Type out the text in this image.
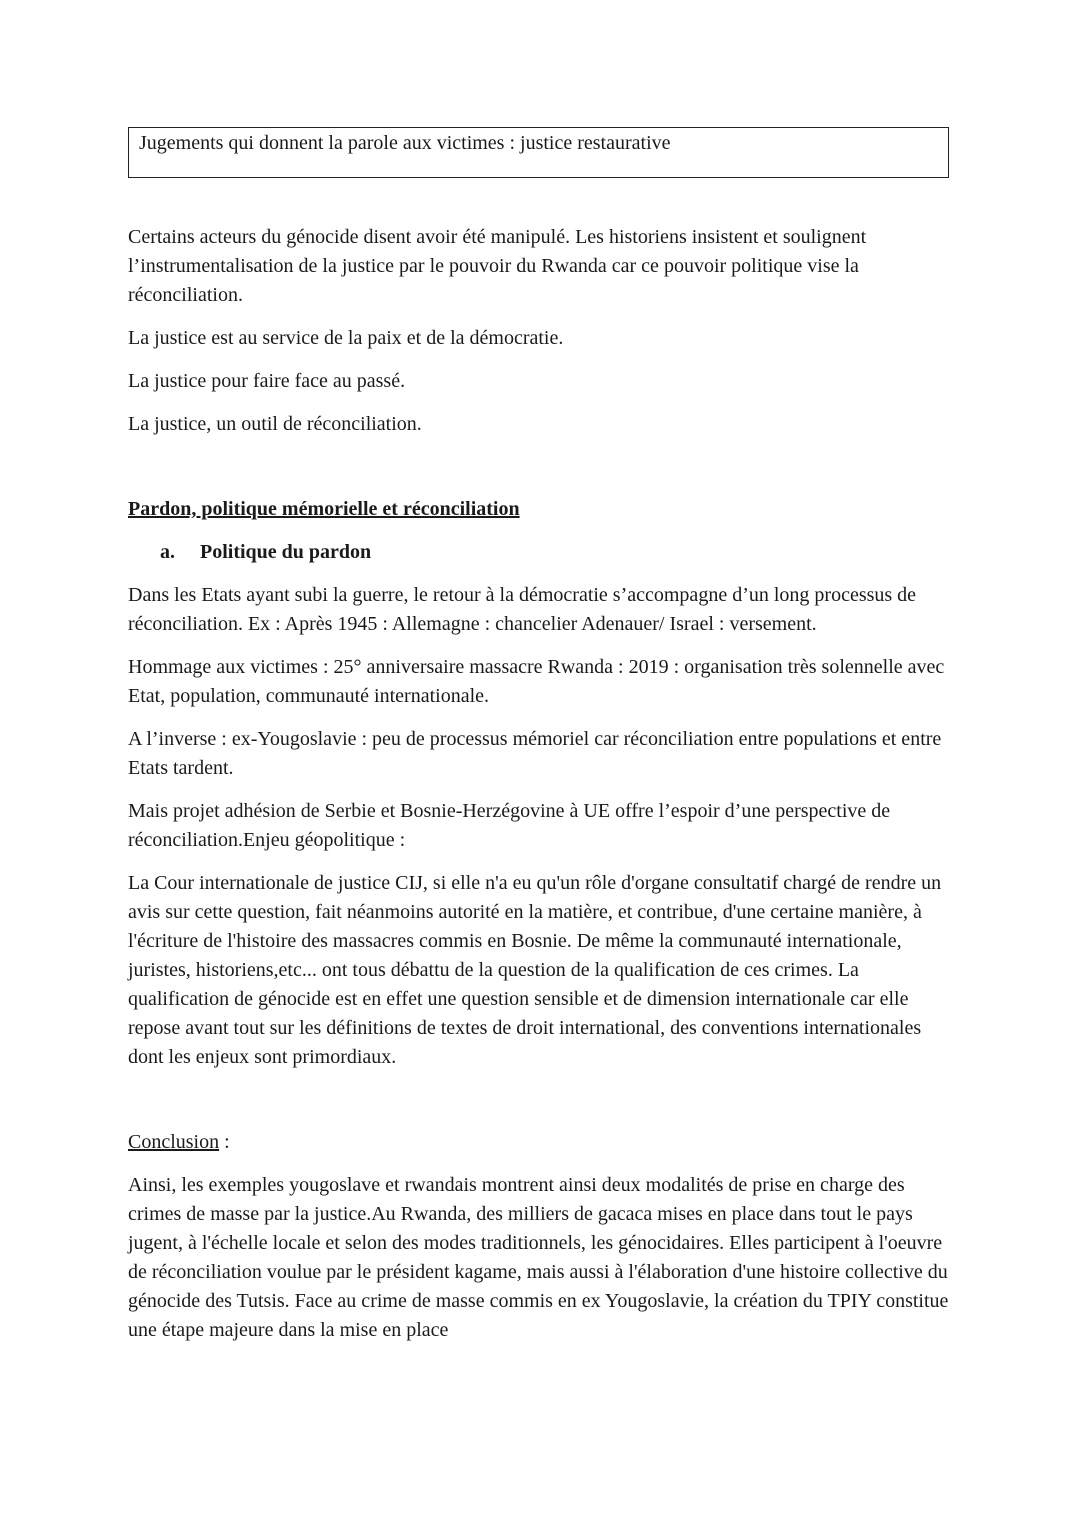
Jugements qui donnent la parole aux victimes : justice restaurative

Certains acteurs du génocide disent avoir été manipulé. Les historiens insistent et soulignent l’instrumentalisation de la justice par le pouvoir du Rwanda car ce pouvoir politique vise la réconciliation.

La justice est au service de la paix et de la démocratie.

La justice pour faire face au passé.

La justice, un outil de réconciliation.

Pardon, politique mémorielle et réconciliation
a. Politique du pardon

Dans les Etats ayant subi la guerre, le retour à la démocratie s’accompagne d’un long processus de réconciliation. Ex : Après 1945 : Allemagne : chancelier Adenauer/ Israel : versement.

Hommage aux victimes : 25° anniversaire massacre Rwanda : 2019 : organisation très solennelle avec Etat, population, communauté internationale.

A l’inverse : ex-Yougoslavie : peu de processus mémoriel car réconciliation entre populations et entre Etats tardent.

Mais projet adhésion de Serbie et Bosnie-Herzégovine à UE offre l’espoir d’une perspective de réconciliation.Enjeu géopolitique :

La Cour internationale de justice CIJ, si elle n'a eu qu'un rôle d'organe consultatif chargé de rendre un avis sur cette question, fait néanmoins autorité en la matière, et contribue, d'une certaine manière, à l'écriture de l'histoire des massacres commis en Bosnie. De même la communauté internationale, juristes, historiens,etc... ont tous débattu de la question de la qualification de ces crimes. La qualification de génocide est en effet une question sensible et de dimension internationale car elle repose avant tout sur les définitions de textes de droit international, des conventions internationales dont les enjeux sont primordiaux.

Conclusion :

Ainsi, les exemples yougoslave et rwandais montrent ainsi deux modalités de prise en charge des crimes de masse par la justice.Au Rwanda, des milliers de gacaca mises en place dans tout le pays jugent, à l'échelle locale et selon des modes traditionnels, les génocidaires. Elles participent à l'oeuvre de réconciliation voulue par le président kagame, mais aussi à l'élaboration d'une histoire collective du génocide des Tutsis. Face au crime de masse commis en ex Yougoslavie, la création du TPIY constitue une étape majeure dans la mise en place
